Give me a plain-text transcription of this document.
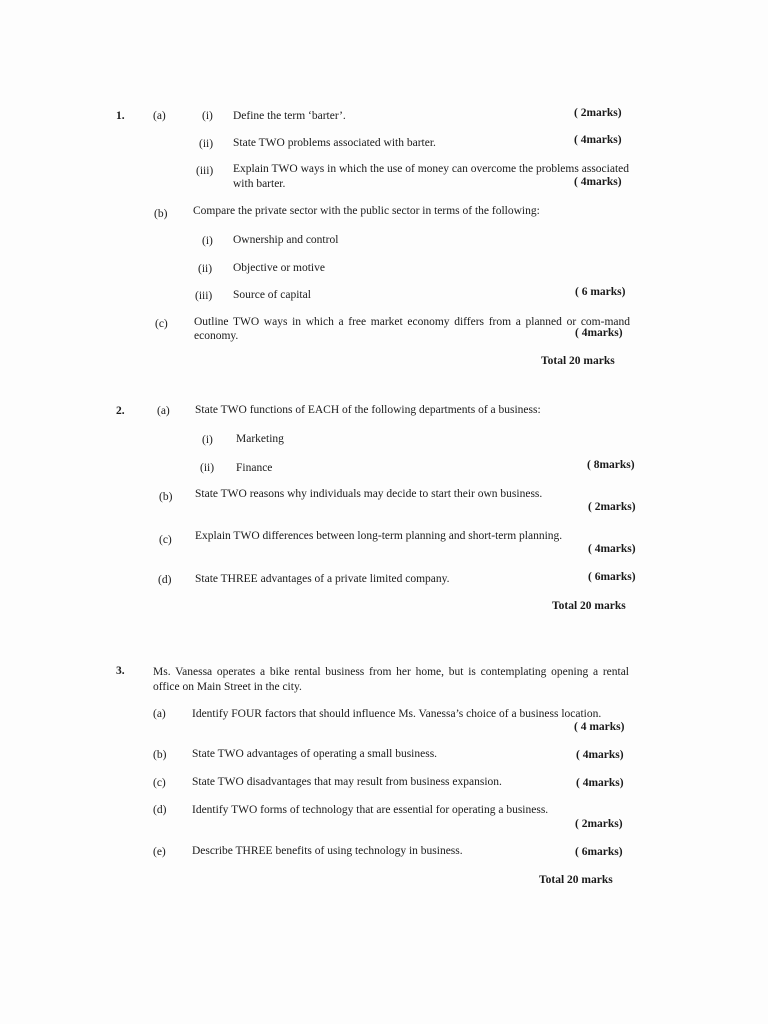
1. (a)	(i) Define the term ‘barter’.	( 2marks)
(ii) State TWO problems associated with barter.	( 4marks)
(iii) Explain TWO ways in which the use of money can overcome the problems associated with barter.	( 4marks)
(b) Compare the private sector with the public sector in terms of the following:
(i) Ownership and control
(ii) Objective or motive
(iii) Source of capital	( 6 marks)
(c) Outline TWO ways in which a free market economy differs from a planned or com-mand economy.	( 4marks)
Total 20 marks
2.	(a) State TWO functions of EACH of the following departments of a business:
(i) Marketing
(ii) Finance	( 8marks)
(b) State TWO reasons why individuals may decide to start their own business.
( 2marks)
(c) Explain TWO differences between long-term planning and short-term planning.
( 4marks)
(d) State THREE advantages of a private limited company.	( 6marks)
Total 20 marks
3. Ms. Vanessa operates a bike rental business from her home, but is contemplating opening a rental office on Main Street in the city.
(a) Identify FOUR factors that should influence Ms. Vanessa’s choice of a business location.
( 4 marks)
(b) State TWO advantages of operating a small business.	( 4marks)
(c) State TWO disadvantages that may result from business expansion.	( 4marks)
(d) Identify TWO forms of technology that are essential for operating a business.
( 2marks)
(e) Describe THREE benefits of using technology in business.	( 6marks)
Total 20 marks
